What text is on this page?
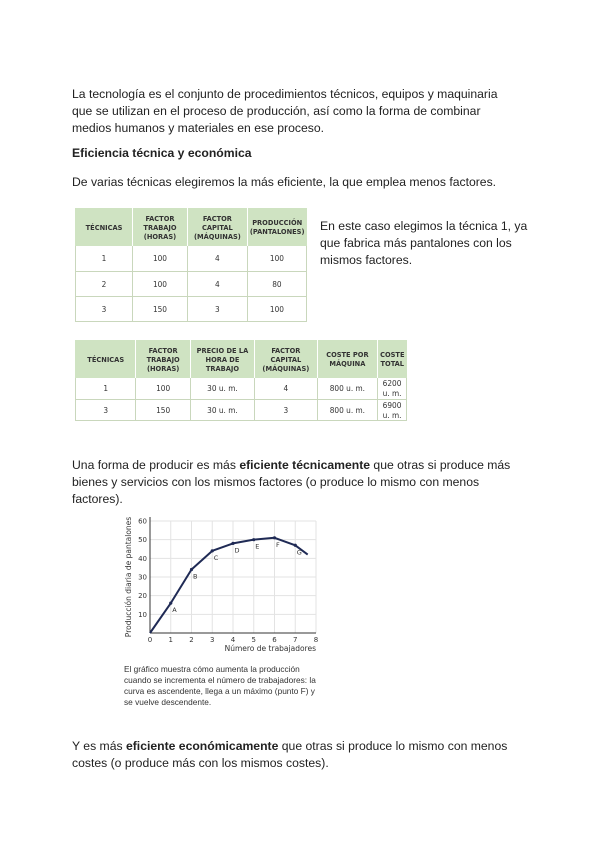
La tecnología es el conjunto de procedimientos técnicos, equipos y maquinaria que se utilizan en el proceso de producción, así como la forma de combinar medios humanos y materiales en ese proceso.

Eficiencia técnica y económica

De varias técnicas elegiremos la más eficiente, la que emplea menos factores.

TÉCNICAS	FACTOR TRABAJO (HORAS)	FACTOR CAPITAL (MÁQUINAS)	PRODUCCIÓN (PANTALONES)
1	100	4	100
2	100	4	80
3	150	3	100

En este caso elegimos la técnica 1, ya que fabrica más pantalones con los mismos factores.

TÉCNICAS	FACTOR TRABAJO (HORAS)	PRECIO DE LA HORA DE TRABAJO	FACTOR CAPITAL (MÁQUINAS)	COSTE POR MÁQUINA	COSTE TOTAL
1	100	30 u. m.	4	800 u. m.	6200 u. m.
3	150	30 u. m.	3	800 u. m.	6900 u. m.

Una forma de producir es más eficiente técnicamente que otras si produce más bienes y servicios con los mismos factores (o produce lo mismo con menos factores).

10
20
30
40
50
60
0 1 2 3 4 5 6 7 8
Número de trabajadores
Producción diaria de pantalones	A
B
C
D E	F
G

El gráfico muestra cómo aumenta la producción cuando se incrementa el número de trabajadores: la curva es ascendente, llega a un máximo (punto F) y se vuelve descendente.

Y es más eficiente económicamente que otras si produce lo mismo con menos costes (o produce más con los mismos costes).
